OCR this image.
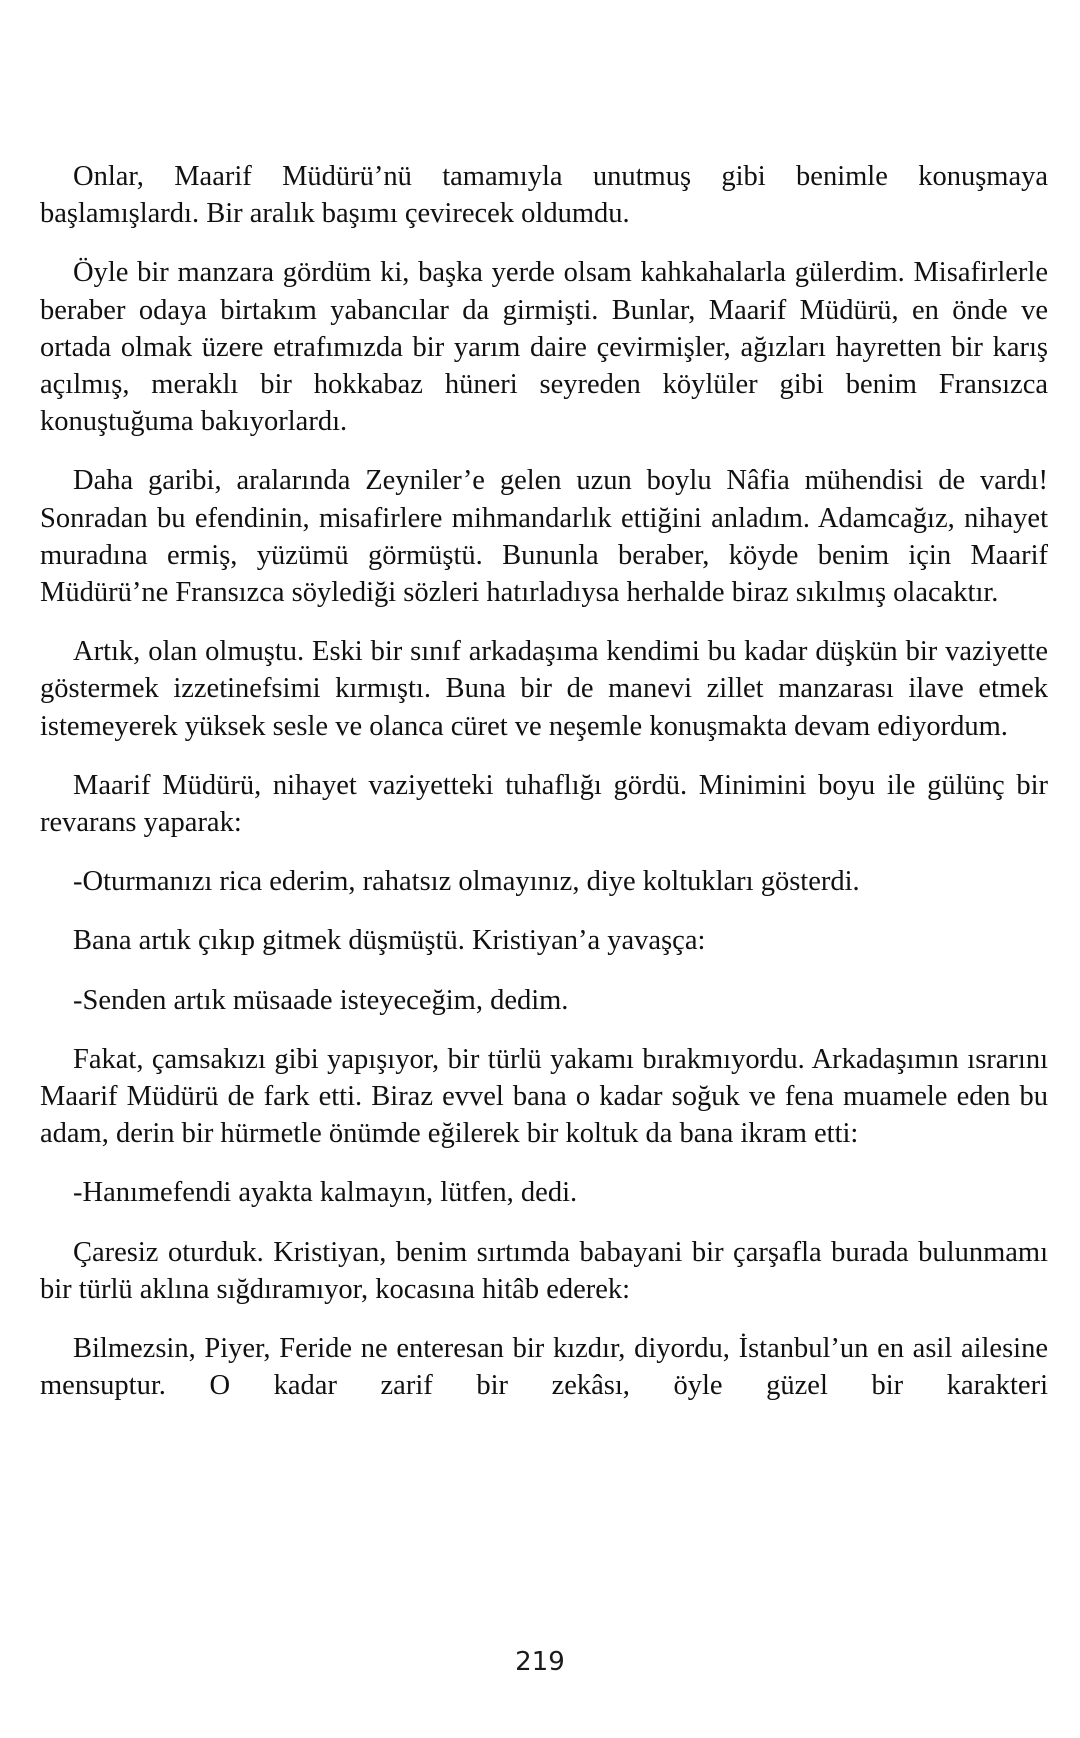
Onlar, Maarif Müdürü’nü tamamıyla unutmuş gibi benimle konuşmaya başlamışlardı. Bir aralık başımı çevirecek oldumdu.

Öyle bir manzara gördüm ki, başka yerde olsam kahkahalarla gülerdim. Misafirlerle beraber odaya birtakım yabancılar da girmişti. Bunlar, Maarif Müdürü, en önde ve ortada olmak üzere etrafımızda bir yarım daire çevirmişler, ağızları hayretten bir karış açılmış, meraklı bir hokkabaz hüneri seyreden köylüler gibi benim Fransızca konuştuğuma bakıyorlardı.

Daha garibi, aralarında Zeyniler’e gelen uzun boylu Nâfia mühendisi de vardı! Sonradan bu efendinin, misafirlere mihmandarlık ettiğini anladım. Adamcağız, nihayet muradına ermiş, yüzümü görmüştü. Bununla beraber, köyde benim için Maarif Müdürü’ne Fransızca söylediği sözleri hatırladıysa herhalde biraz sıkılmış olacaktır.

Artık, olan olmuştu. Eski bir sınıf arkadaşıma kendimi bu kadar düşkün bir vaziyette göstermek izzetinefsimi kırmıştı. Buna bir de manevi zillet manzarası ilave etmek istemeyerek yüksek sesle ve olanca cüret ve neşemle konuşmakta devam ediyordum.

Maarif Müdürü, nihayet vaziyetteki tuhaflığı gördü. Minimini boyu ile gülünç bir revarans yaparak:

-Oturmanızı rica ederim, rahatsız olmayınız, diye koltukları gösterdi.

Bana artık çıkıp gitmek düşmüştü. Kristiyan’a yavaşça:

-Senden artık müsaade isteyeceğim, dedim.

Fakat, çamsakızı gibi yapışıyor, bir türlü yakamı bırakmıyordu. Arkadaşımın ısrarını Maarif Müdürü de fark etti. Biraz evvel bana o kadar soğuk ve fena muamele eden bu adam, derin bir hürmetle önümde eğilerek bir koltuk da bana ikram etti:

-Hanımefendi ayakta kalmayın, lütfen, dedi.

Çaresiz oturduk. Kristiyan, benim sırtımda babayani bir çarşafla burada bulunmamı bir türlü aklına sığdıramıyor, kocasına hitâb ederek:

Bilmezsin, Piyer, Feride ne enteresan bir kızdır, diyordu, İstanbul’un en asil ailesine mensuptur. O kadar zarif bir zekâsı, öyle güzel bir karakteri

219
